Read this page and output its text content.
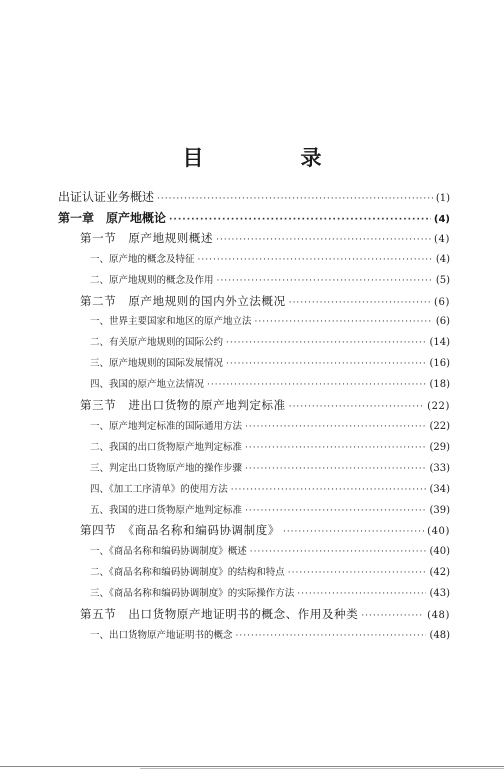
目　录
出证认证业务概述 ·····	(1)
第一章　原产地概论 ·····	(4)
第一节　原产地规则概述 ·····	(4)
一、原产地的概念及特征 ·····	(4)
二、原产地规则的概念及作用 ·····	(5)
第二节　原产地规则的国内外立法概况 ·····	(6)
一、世界主要国家和地区的原产地立法 ·····	(6)
二、有关原产地规则的国际公约 ·····	(14)
三、原产地规则的国际发展情况 ·····	(16)
四、我国的原产地立法情况 ·····	(18)
第三节　进出口货物的原产地判定标准 ·····	(22)
一、原产地判定标准的国际通用方法 ·····	(22)
二、我国的出口货物原产地判定标准 ·····	(29)
三、判定出口货物原产地的操作步骤 ·····	(33)
四、《加工工序清单》的使用方法 ·····	(34)
五、我国的进口货物原产地判定标准 ·····	(39)
第四节　《商品名称和编码协调制度》 ·····	(40)
一、《商品名称和编码协调制度》概述 ·····	(40)
二、《商品名称和编码协调制度》的结构和特点 ·····	(42)
三、《商品名称和编码协调制度》的实际操作方法 ·····	(43)
第五节　出口货物原产地证明书的概念、作用及种类 ·····	(48)
一、出口货物原产地证明书的概念 ·····	(48)
